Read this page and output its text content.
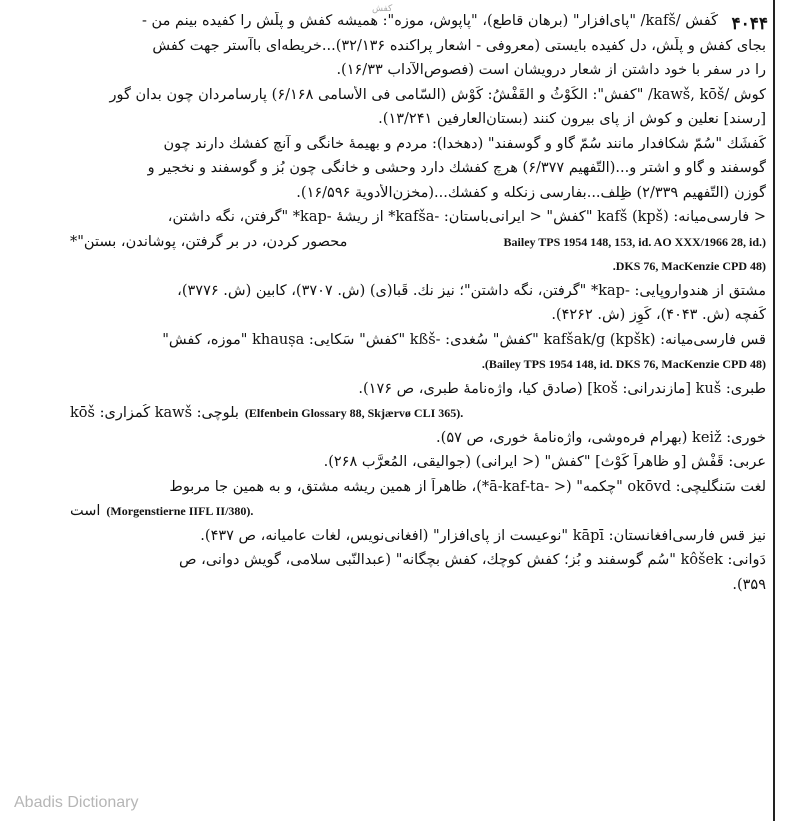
كفش
۴۰۴۴
كَفش /kafš/ "پای‌افزار" (برهان قاطع)، "پاپوش، موزه": همیشه كفش و پلّش را كفیده بینم من -
بجای كفش و پلّش، دل كفیده بایستی (معروفی - اشعار پراكنده ۳۲/۱۳۶)...خریطه‌ای باآستر جهت كفش
را در سفر با خود داشتن از شعار درویشان است (فصوص‌الآداب ۱۶/۳۳).
كوش /kawš, kōš/ "كفش": الكَوْثُ و القَفْشُ: كَوْش (السّامی فی الأسامی ۶/۱۶۸) پارسامردان چون بدان گور
[رسند] نعلین و كوش از پای بیرون كنند (بستان‌العارفین ۱۳/۲۴۱).
كَفشَك "سُمّ شكافدار مانند سُمّ گاو و گوسفند" (دهخدا): مردم و بهیمهٔ خانگی و آنچ كفشك دارند چون
گوسفند و گاو و اشتر و...(التّفهیم ۶/۳۷۷) هرچ كفشك دارد وحشی و خانگی چون بُز و گوسفند و نخجیر و
گوزن (التّفهیم ۲/۳۳۹) ظِلف...بفارسی زنكله و كفشك...(مخزن‌الأدویة ۱۶/۵۹۶).
< فارسی‌میانه: kafš (kpš) "كفش" < ایرانی‌باستان: -kafša* از ریشهٔ -kap* "گرفتن، نگه داشتن،
محصور كردن، در بر گرفتن، پوشاندن، بستن"*	Bailey TPS 1954 148, 153, id. AO XXX/1966 28, id.)
(DKS 76, MacKenzie CPD 48.
مشتق از هندواروپایی: -kap* "گرفتن، نگه داشتن"؛ نیز نك. قَبا(ی) (ش. ۳۷۰۷)، كابین (ش. ۳۷۷۶)،
كَفچه (ش. ۴۰۴۳)، كَوِز (ش. ۴۲۶۲).
قس فارسی‌میانه: kafšak/g (kpšk) "كفش" سُغدی: -kßš "كفش" سَكایی: khauṣa "موزه، كفش"
(Bailey TPS 1954 148, id. DKS 76, MacKenzie CPD 48).
طبری: kuš [مازندرانی: koš] (صادق كیا، واژه‌نامهٔ طبری، ص ۱۷۶).
بلوچی: kawš كُمزاری: kōš (Elfenbein Glossary 88, Skjærvø CLI 365).
خوری: keiž (بهرام فره‌وشی، واژه‌نامهٔ خوری، ص ۵۷).
عربی: قَفْش [و ظاهراً كَوْث] "كفش" (< ایرانی) (جوالیقی، المُعرَّب ۲۶۸).
لغت سَنگلیچی: okōvd "چكمه" (< -ā-kaf-ta*)، ظاهراً از همین ریشه مشتق، و به همین جا مربوط
است (Morgenstierne IIFL II/380).
نیز قس فارسی‌افغانستان: kāpī "نوعیست از پای‌افزار" (افغانی‌نویس، لغات عامیانه، ص ۴۳۷).
دَوانی: kôšek "سُم گوسفند و بُز؛ كفش كوچك، كفش بچگانه" (عبدالنّبی سلامی، گویش دوانی، ص
۳۵۹).
Abadis Dictionary
